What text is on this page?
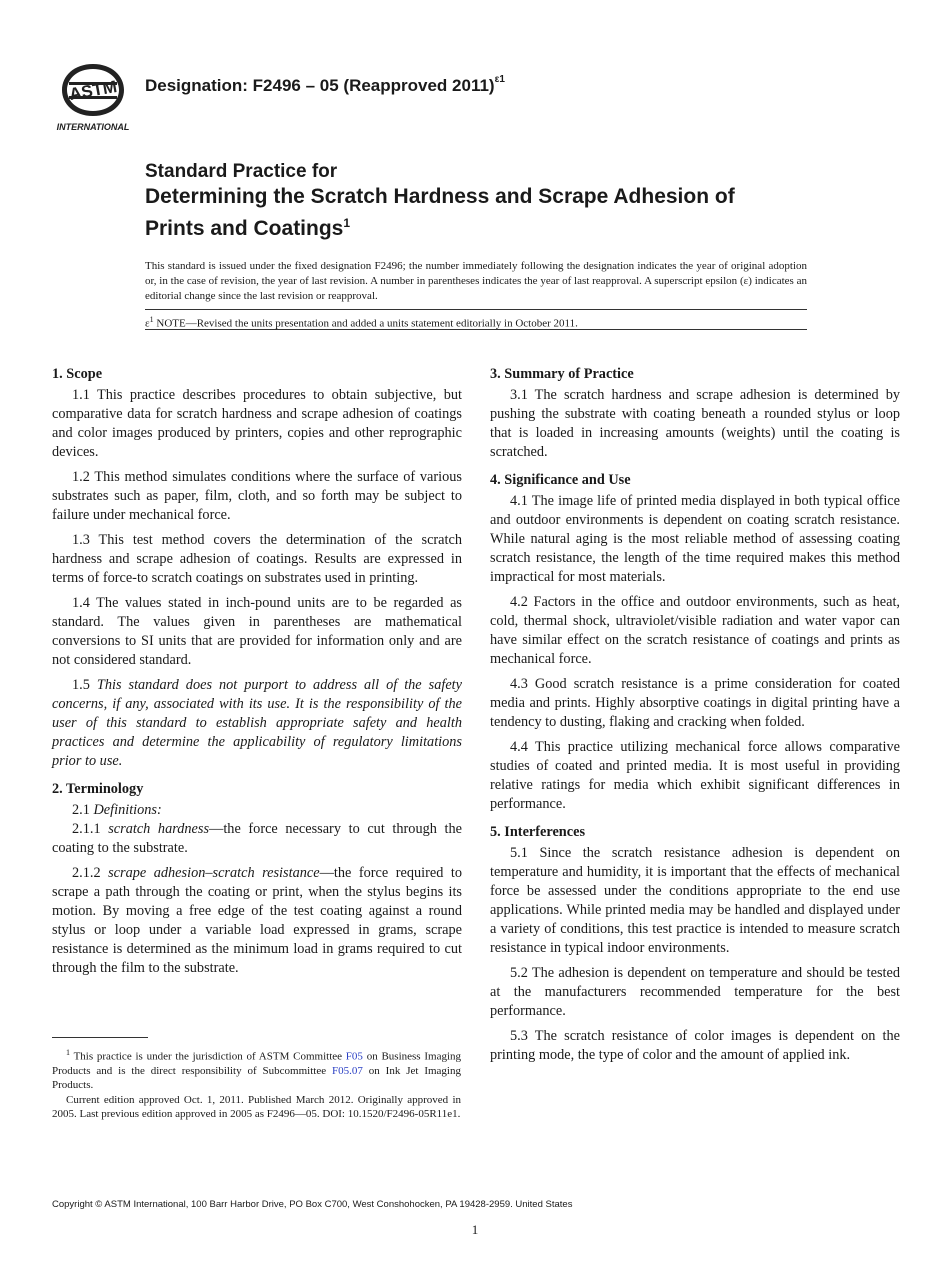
ASTM
INTERNATIONAL
Designation: F2496 – 05 (Reapproved 2011)$^{\varepsilon 1}$
Standard Practice for
Determining the Scratch Hardness and Scrape Adhesion of
Prints and Coatings$^1$
This standard is issued under the fixed designation F2496; the number immediately following the designation indicates the year of original adoption or, in the case of revision, the year of last revision. A number in parentheses indicates the year of last reapproval. A superscript epsilon (ε) indicates an editorial change since the last revision or reapproval.
$\varepsilon^1$ NOTE—Revised the units presentation and added a units statement editorially in October 2011.
1. Scope

1.1 This practice describes procedures to obtain subjective, but comparative data for scratch hardness and scrape adhesion of coatings and color images produced by printers, copies and other reprographic devices.

1.2 This method simulates conditions where the surface of various substrates such as paper, film, cloth, and so forth may be subject to failure under mechanical force.

1.3 This test method covers the determination of the scratch hardness and scrape adhesion of coatings. Results are expressed in terms of force-to scratch coatings on substrates used in printing.

1.4 The values stated in inch-pound units are to be regarded as standard. The values given in parentheses are mathematical conversions to SI units that are provided for information only and are not considered standard.

1.5 This standard does not purport to address all of the safety concerns, if any, associated with its use. It is the responsibility of the user of this standard to establish appropriate safety and health practices and determine the applicability of regulatory limitations prior to use.

2. Terminology

2.1 Definitions:

2.1.1 scratch hardness—the force necessary to cut through the coating to the substrate.

2.1.2 scrape adhesion–scratch resistance—the force required to scrape a path through the coating or print, when the stylus begins its motion. By moving a free edge of the test coating against a round stylus or loop under a variable load expressed in grams, scrape resistance is determined as the minimum load in grams required to cut through the film to the substrate.

3. Summary of Practice

3.1 The scratch hardness and scrape adhesion is determined by pushing the substrate with coating beneath a rounded stylus or loop that is loaded in increasing amounts (weights) until the coating is scratched.

4. Significance and Use

4.1 The image life of printed media displayed in both typical office and outdoor environments is dependent on coating scratch resistance. While natural aging is the most reliable method of assessing coating scratch resistance, the length of the time required makes this method impractical for most materials.

4.2 Factors in the office and outdoor environments, such as heat, cold, thermal shock, ultraviolet/visible radiation and water vapor can have similar effect on the scratch resistance of coatings and prints as mechanical force.

4.3 Good scratch resistance is a prime consideration for coated media and prints. Highly absorptive coatings in digital printing have a tendency to dusting, flaking and cracking when folded.

4.4 This practice utilizing mechanical force allows comparative studies of coated and printed media. It is most useful in providing relative ratings for media which exhibit significant differences in performance.

5. Interferences

5.1 Since the scratch resistance adhesion is dependent on temperature and humidity, it is important that the effects of mechanical force be assessed under the conditions appropriate to the end use applications. While printed media may be handled and displayed under a variety of conditions, this test practice is intended to measure scratch resistance in typical indoor environments.

5.2 The adhesion is dependent on temperature and should be tested at the manufacturers recommended temperature for the best performance.

5.3 The scratch resistance of color images is dependent on the printing mode, the type of color and the amount of applied ink.

$^1$ This practice is under the jurisdiction of ASTM Committee F05 on Business Imaging Products and is the direct responsibility of Subcommittee F05.07 on Ink Jet Imaging Products.

Current edition approved Oct. 1, 2011. Published March 2012. Originally approved in 2005. Last previous edition approved in 2005 as F2496—05. DOI: 10.1520/F2496-05R11e1.

Copyright © ASTM International, 100 Barr Harbor Drive, PO Box C700, West Conshohocken, PA 19428-2959. United States
1
